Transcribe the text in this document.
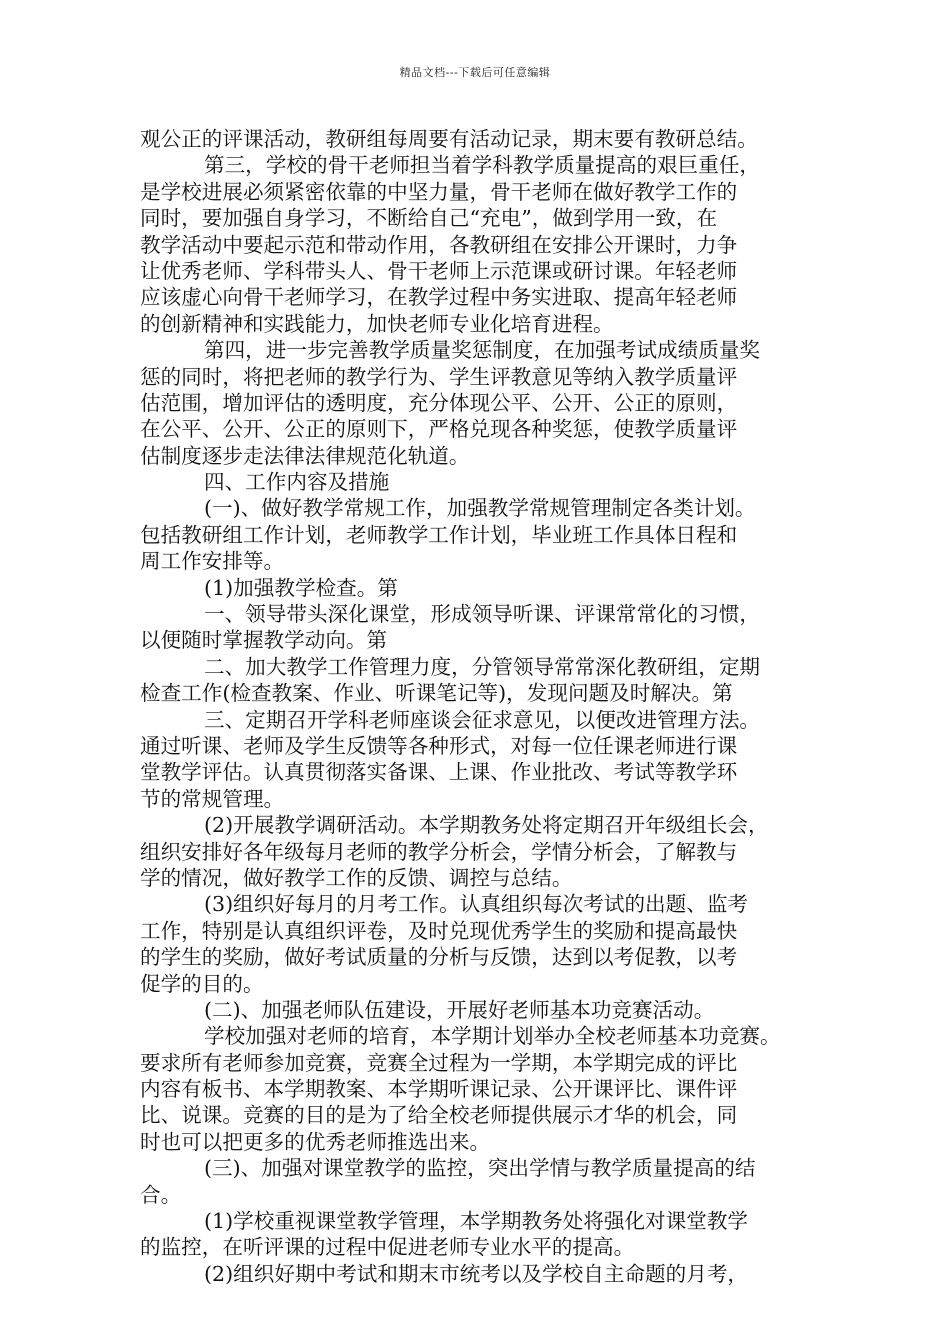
精品文档---下载后可任意编辑
观公正的评课活动，教研组每周要有活动记录，期末要有教研总结。
第三，学校的骨干老师担当着学科教学质量提高的艰巨重任，
是学校进展必须紧密依靠的中坚力量，骨干老师在做好教学工作的
同时，要加强自身学习，不断给自己“充电”，做到学用一致，在
教学活动中要起示范和带动作用，各教研组在安排公开课时，力争
让优秀老师、学科带头人、骨干老师上示范课或研讨课。年轻老师
应该虚心向骨干老师学习，在教学过程中务实进取、提高年轻老师
的创新精神和实践能力，加快老师专业化培育进程。
第四，进一步完善教学质量奖惩制度，在加强考试成绩质量奖
惩的同时，将把老师的教学行为、学生评教意见等纳入教学质量评
估范围，增加评估的透明度，充分体现公平、公开、公正的原则，
在公平、公开、公正的原则下，严格兑现各种奖惩，使教学质量评
估制度逐步走法律法律规范化轨道。
四、工作内容及措施
(一)、做好教学常规工作，加强教学常规管理制定各类计划。
包括教研组工作计划，老师教学工作计划，毕业班工作具体日程和
周工作安排等。
(1)加强教学检查。第
一、领导带头深化课堂，形成领导听课、评课常常化的习惯，
以便随时掌握教学动向。第
二、加大教学工作管理力度，分管领导常常深化教研组，定期
检查工作(检查教案、作业、听课笔记等)，发现问题及时解决。第
三、定期召开学科老师座谈会征求意见，以便改进管理方法。
通过听课、老师及学生反馈等各种形式，对每一位任课老师进行课
堂教学评估。认真贯彻落实备课、上课、作业批改、考试等教学环
节的常规管理。
(2)开展教学调研活动。本学期教务处将定期召开年级组长会，
组织安排好各年级每月老师的教学分析会，学情分析会，了解教与
学的情况，做好教学工作的反馈、调控与总结。
(3)组织好每月的月考工作。认真组织每次考试的出题、监考
工作，特别是认真组织评卷，及时兑现优秀学生的奖励和提高最快
的学生的奖励，做好考试质量的分析与反馈，达到以考促教，以考
促学的目的。
(二)、加强老师队伍建设，开展好老师基本功竞赛活动。
学校加强对老师的培育，本学期计划举办全校老师基本功竞赛。
要求所有老师参加竞赛，竞赛全过程为一学期，本学期完成的评比
内容有板书、本学期教案、本学期听课记录、公开课评比、课件评
比、说课。竞赛的目的是为了给全校老师提供展示才华的机会，同
时也可以把更多的优秀老师推选出来。
(三)、加强对课堂教学的监控，突出学情与教学质量提高的结
合。
(1)学校重视课堂教学管理，本学期教务处将强化对课堂教学
的监控，在听评课的过程中促进老师专业水平的提高。
(2)组织好期中考试和期末市统考以及学校自主命题的月考，
